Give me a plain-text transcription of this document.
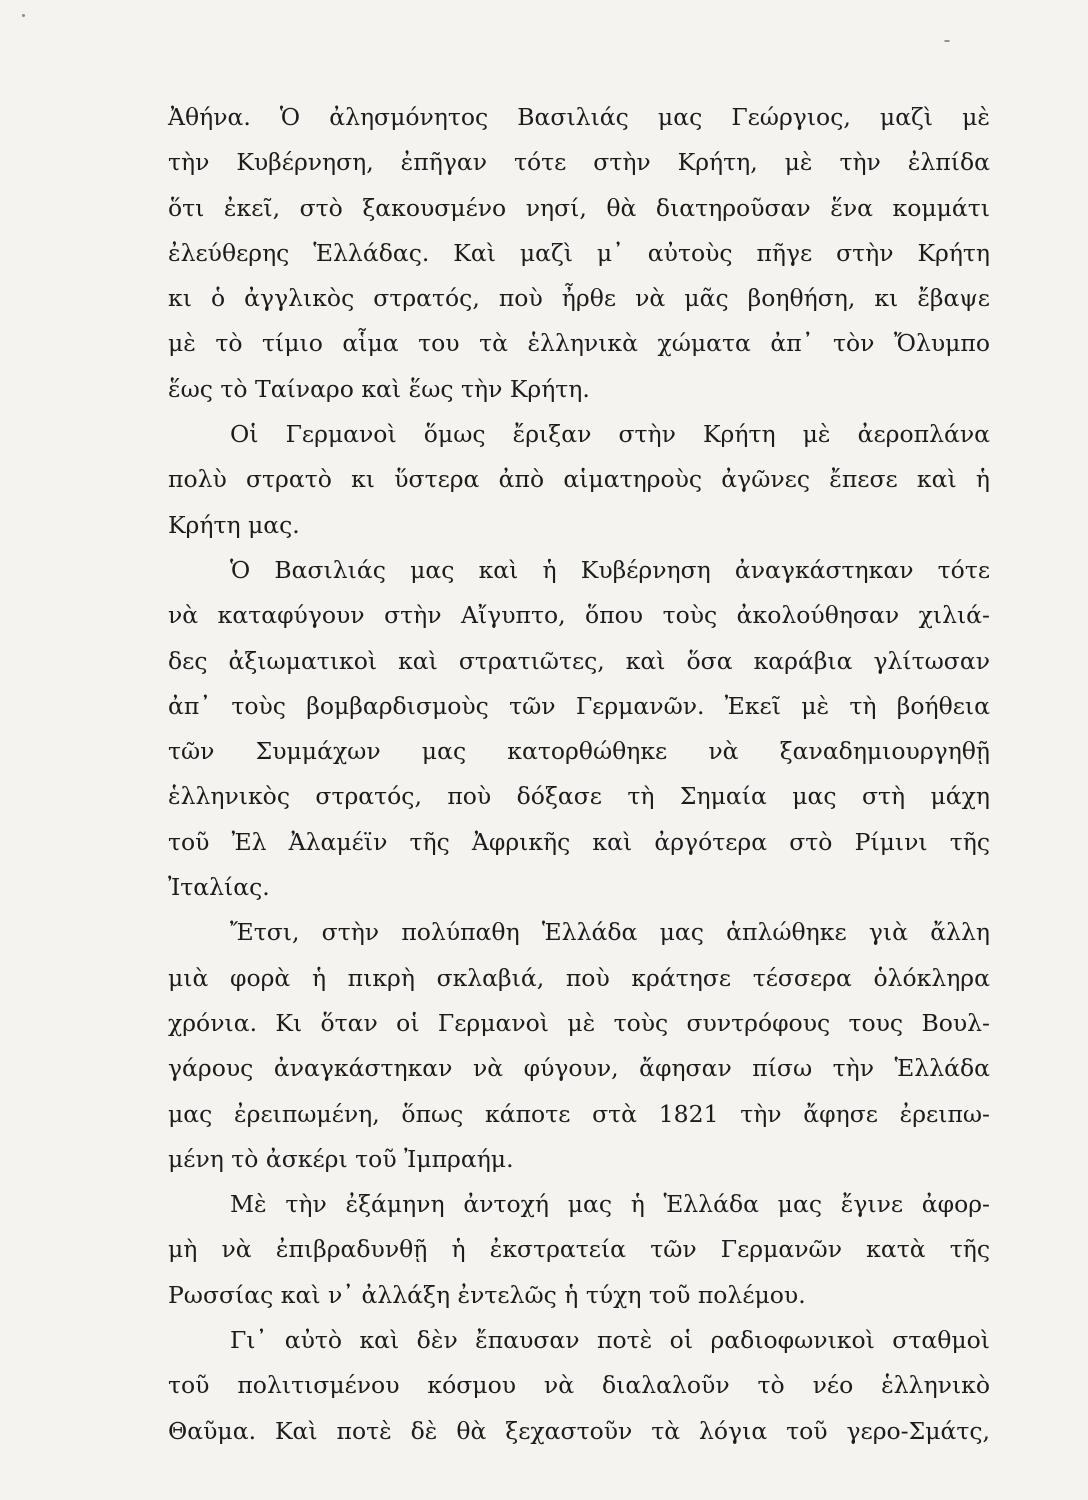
Ἀθήνα. Ὁ ἀλησμόνητος Βασιλιάς μας Γεώργιος, μαζὶ μὲ
τὴν Κυβέρνηση, ἐπῆγαν τότε στὴν Κρήτη, μὲ τὴν ἐλπίδα
ὅτι ἐκεῖ, στὸ ξακουσμένο νησί, θὰ διατηροῦσαν ἕνα κομμάτι
ἐλεύθερης Ἑλλάδας. Καὶ μαζὶ μ᾿ αὐτοὺς πῆγε στὴν Κρήτη
κι ὁ ἀγγλικὸς στρατός, ποὺ ἦρθε νὰ μᾶς βοηθήση, κι ἔβαψε
μὲ τὸ τίμιο αἷμα του τὰ ἑλληνικὰ χώματα ἀπ᾿ τὸν Ὄλυμπο
ἕως τὸ Ταίναρο καὶ ἕως τὴν Κρήτη.
Οἱ Γερμανοὶ ὅμως ἔριξαν στὴν Κρήτη μὲ ἀεροπλάνα
πολὺ στρατὸ κι ὕστερα ἀπὸ αἱματηροὺς ἀγῶνες ἔπεσε καὶ ἡ
Κρήτη μας.
Ὁ Βασιλιάς μας καὶ ἡ Κυβέρνηση ἀναγκάστηκαν τότε
νὰ καταφύγουν στὴν Αἴγυπτο, ὅπου τοὺς ἀκολούθησαν χιλιά-
δες ἀξιωματικοὶ καὶ στρατιῶτες, καὶ ὅσα καράβια γλίτωσαν
ἀπ᾿ τοὺς βομβαρδισμοὺς τῶν Γερμανῶν. Ἐκεῖ μὲ τὴ βοήθεια
τῶν Συμμάχων μας κατορθώθηκε νὰ ξαναδημιουργηθῇ
ἑλληνικὸς στρατός, ποὺ δόξασε τὴ Σημαία μας στὴ μάχη
τοῦ Ἐλ Ἀλαμέϊν τῆς Ἀφρικῆς καὶ ἀργότερα στὸ Ρίμινι τῆς
Ἰταλίας.
Ἔτσι, στὴν πολύπαθη Ἑλλάδα μας ἁπλώθηκε γιὰ ἄλλη
μιὰ φορὰ ἡ πικρὴ σκλαβιά, ποὺ κράτησε τέσσερα ὁλόκληρα
χρόνια. Κι ὅταν οἱ Γερμανοὶ μὲ τοὺς συντρόφους τους Βουλ-
γάρους ἀναγκάστηκαν νὰ φύγουν, ἄφησαν πίσω τὴν Ἑλλάδα
μας ἐρειπωμένη, ὅπως κάποτε στὰ 1821 τὴν ἄφησε ἐρειπω-
μένη τὸ ἀσκέρι τοῦ Ἰμπραήμ.
Μὲ τὴν ἐξάμηνη ἀντοχή μας ἡ Ἑλλάδα μας ἔγινε ἀφορ-
μὴ νὰ ἐπιβραδυνθῇ ἡ ἐκστρατεία τῶν Γερμανῶν κατὰ τῆς
Ρωσσίας καὶ ν᾿ ἀλλάξη ἐντελῶς ἡ τύχη τοῦ πολέμου.
Γι᾿ αὐτὸ καὶ δὲν ἔπαυσαν ποτὲ οἱ ραδιοφωνικοὶ σταθμοὶ
τοῦ πολιτισμένου κόσμου νὰ διαλαλοῦν τὸ νέο ἑλληνικὸ
Θαῦμα. Καὶ ποτὲ δὲ θὰ ξεχαστοῦν τὰ λόγια τοῦ γερο-Σμάτς,
